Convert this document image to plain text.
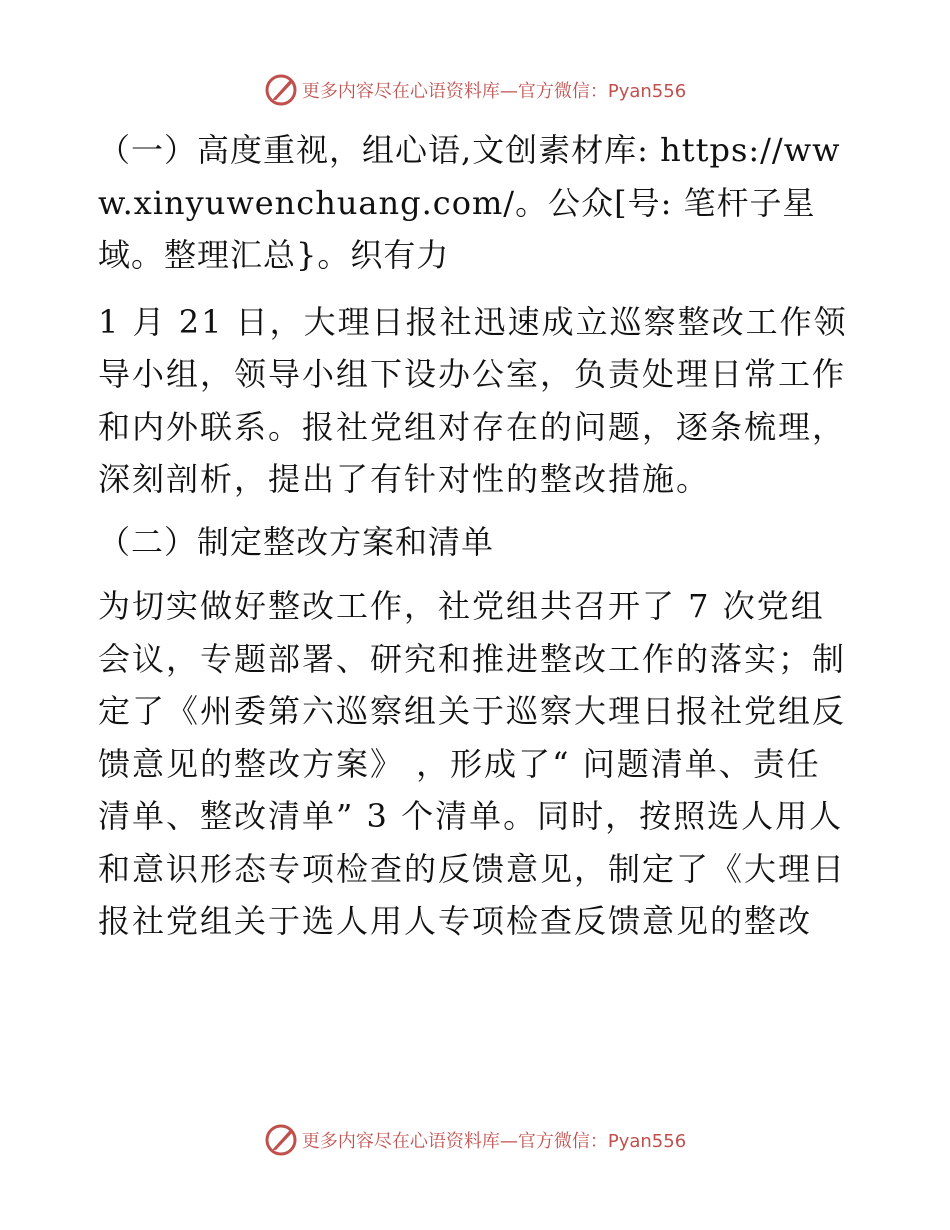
更多内容尽在心语资料库—官方微信：Pyan556

（一）高度重视，组心语,文创素材库: https://www.xinyuwenchuang.com/。公众[号: 笔杆子星域。整理汇总}。织有力

1 月 21 日，大理日报社迅速成立巡察整改工作领导小组，领导小组下设办公室，负责处理日常工作和内外联系。报社党组对存在的问题，逐条梳理，深刻剖析，提出了有针对性的整改措施。

（二）制定整改方案和清单

为切实做好整改工作，社党组共召开了 7 次党组会议，专题部署、研究和推进整改工作的落实；制定了《州委第六巡察组关于巡察大理日报社党组反馈意见的整改方案》 ，形成了“ 问题清单、责任清单、整改清单” 3 个清单。同时，按照选人用人和意识形态专项检查的反馈意见，制定了《大理日报社党组关于选人用人专项检查反馈意见的整改

更多内容尽在心语资料库—官方微信：Pyan556
